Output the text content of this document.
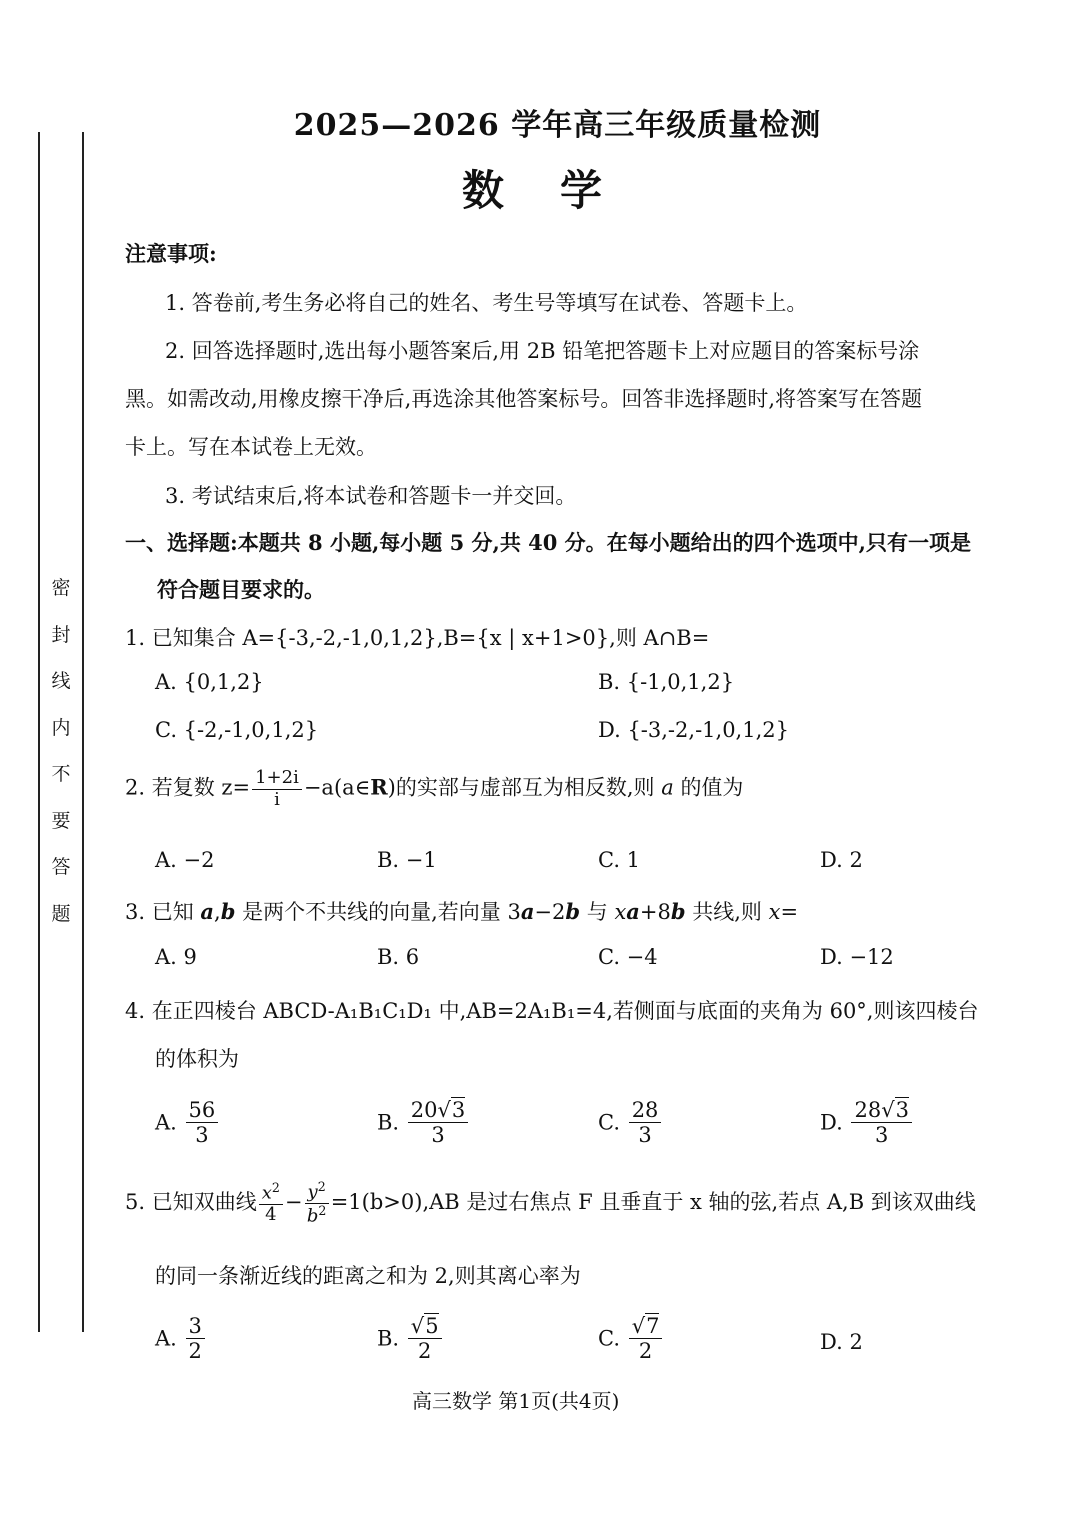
密封线内不要答题
2025—2026 学年高三年级质量检测
数学
注意事项:
1. 答卷前,考生务必将自己的姓名、考生号等填写在试卷、答题卡上。
2. 回答选择题时,选出每小题答案后,用 2B 铅笔把答题卡上对应题目的答案标号涂
黑。如需改动,用橡皮擦干净后,再选涂其他答案标号。回答非选择题时,将答案写在答题
卡上。写在本试卷上无效。
3. 考试结束后,将本试卷和答题卡一并交回。
一、选择题:本题共 8 小题,每小题 5 分,共 40 分。在每小题给出的四个选项中,只有一项是
符合题目要求的。
1. 已知集合 A={-3,-2,-1,0,1,2},B={x | x+1>0},则 A∩B=
A. {0,1,2}	B. {-1,0,1,2}
C. {-2,-1,0,1,2}	D. {-3,-2,-1,0,1,2}
2. 若复数 $z= \frac{1+2i}{i}$ −a(a∈R)的实部与虚部互为相反数,则 a 的值为
A. −2	B. −1	C. 1	D. 2
3. 已知 a,b 是两个不共线的向量,若向量 3a−2b 与 xa+8b 共线,则 x=
A. 9	B. 6	C. −4	D. −12
4. 在正四棱台 ABCD-A₁B₁C₁D₁ 中,AB=2A₁B₁=4,若侧面与底面的夹角为 60°,则该四棱台
的体积为
A. $\frac{56}{3}$	B. $\frac{20√3}{3}$	C. $\frac{28}{3}$	D. $\frac{28√3}{3}$
5. 已知双曲线 $\frac{x^2}{4} - \frac{y^2}{b^2} =1(b>0),AB$ 是过右焦点 F 且垂直于 x 轴的弦,若点 A,B 到该双曲线
的同一条渐近线的距离之和为 2,则其离心率为
A. $\frac{3}{2}$	B. $\frac{√5}{2}$	C. $\frac{√7}{2}$	D. 2
高三数学 第1页(共4页)
